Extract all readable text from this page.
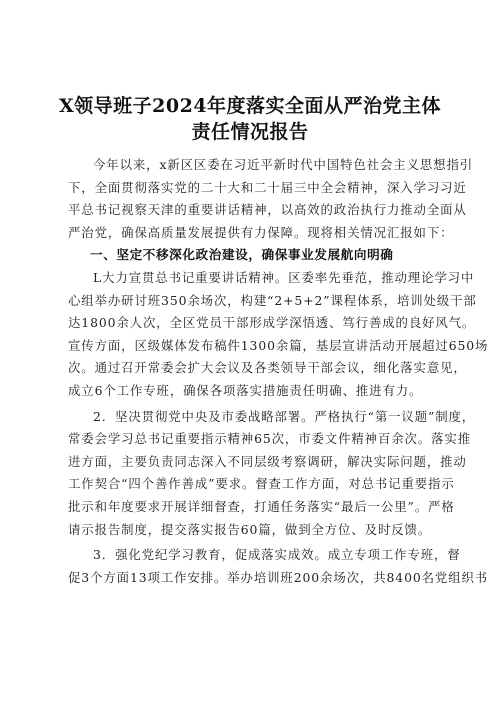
X领导班子2024年度落实全面从严治党主体
责任情况报告
今年以来，x新区区委在习近平新时代中国特色社会主义思想指引
下，全面贯彻落实党的二十大和二十届三中全会精神，深入学习习近
平总书记视察天津的重要讲话精神，以高效的政治执行力推动全面从
严治党，确保高质量发展提供有力保障。现将相关情况汇报如下：
一、坚定不移深化政治建设，确保事业发展航向明确
L大力宣贯总书记重要讲话精神。区委率先垂范，推动理论学习中
心组举办研讨班350余场次，构建“2+5+2”课程体系，培训处级干部
达1800余人次，全区党员干部形成学深悟透、笃行善成的良好风气。
宣传方面，区级媒体发布稿件1300余篇，基层宣讲活动开展超过650场
次。通过召开常委会扩大会议及各类领导干部会议，细化落实意见，
成立6个工作专班，确保各项落实措施责任明确、推进有力。
2．坚决贯彻党中央及市委战略部署。严格执行“第一议题”制度，
常委会学习总书记重要指示精神65次，市委文件精神百余次。落实推
进方面，主要负责同志深入不同层级考察调研，解决实际问题，推动
工作契合“四个善作善成”要求。督查工作方面，对总书记重要指示
批示和年度要求开展详细督查，打通任务落实“最后一公里”。严格
请示报告制度，提交落实报告60篇，做到全方位、及时反馈。
3．强化党纪学习教育，促成落实成效。成立专项工作专班，督
促3个方面13项工作安排。举办培训班200余场次，共8400名党组织书
